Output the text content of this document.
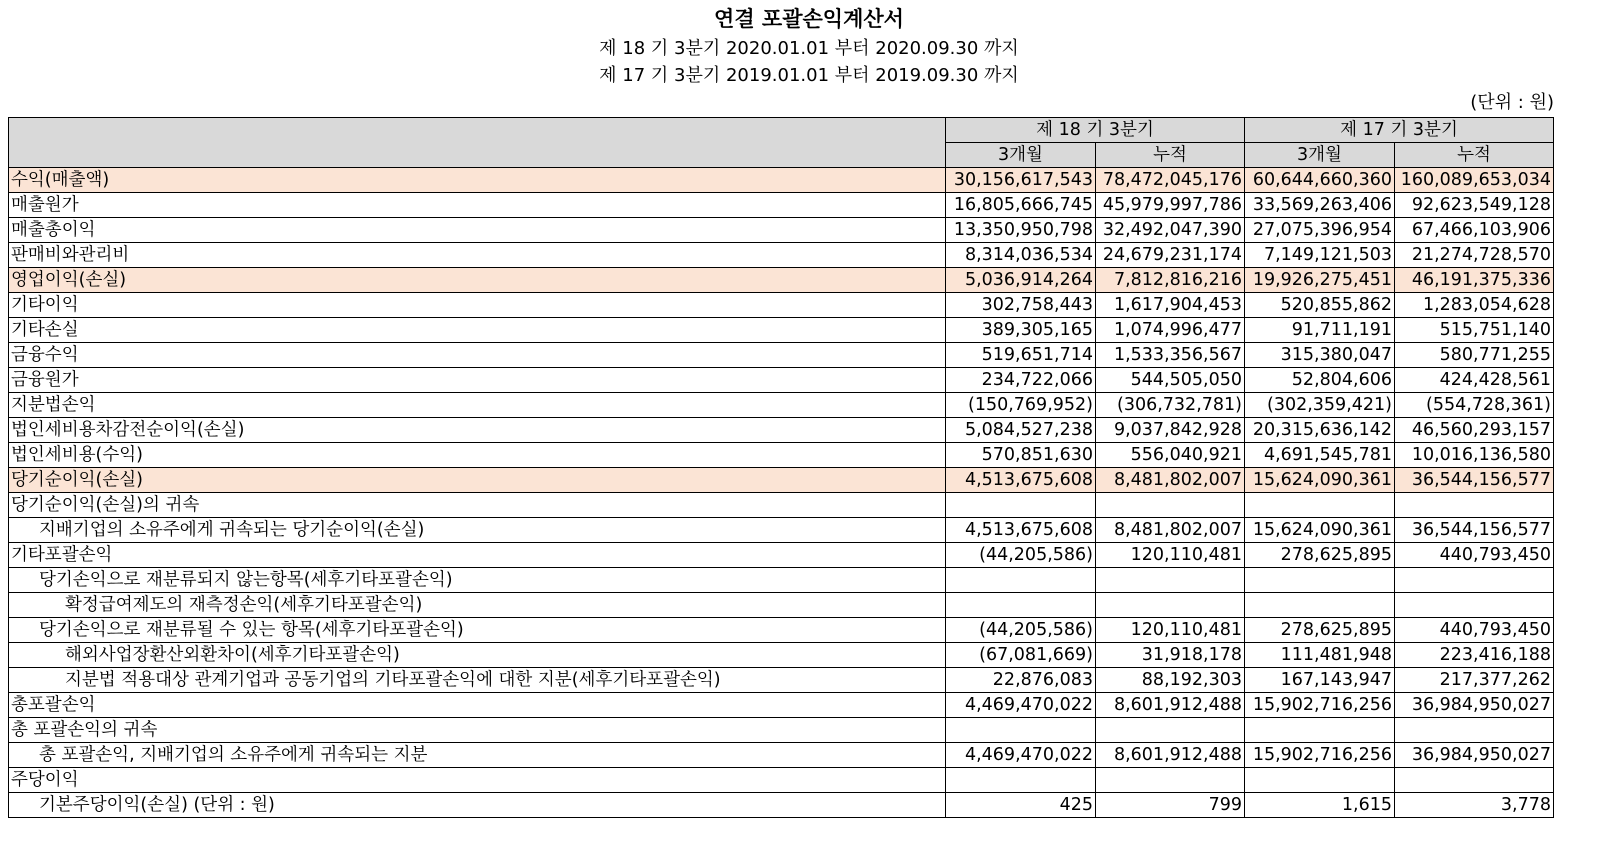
연결 포괄손익계산서
제 18 기 3분기 2020.01.01 부터 2020.09.30 까지
제 17 기 3분기 2019.01.01 부터 2019.09.30 까지
(단위 : 원)
	제 18 기 3분기		제 17 기 3분기	
	3개월	누적	3개월	누적
수익(매출액)	30,156,617,543	78,472,045,176	60,644,660,360	160,089,653,034
매출원가	16,805,666,745	45,979,997,786	33,569,263,406	92,623,549,128
매출총이익	13,350,950,798	32,492,047,390	27,075,396,954	67,466,103,906
판매비와관리비	8,314,036,534	24,679,231,174	7,149,121,503	21,274,728,570
영업이익(손실)	5,036,914,264	7,812,816,216	19,926,275,451	46,191,375,336
기타이익	302,758,443	1,617,904,453	520,855,862	1,283,054,628
기타손실	389,305,165	1,074,996,477	91,711,191	515,751,140
금융수익	519,651,714	1,533,356,567	315,380,047	580,771,255
금융원가	234,722,066	544,505,050	52,804,606	424,428,561
지분법손익	(150,769,952)	(306,732,781)	(302,359,421)	(554,728,361)
법인세비용차감전순이익(손실)	5,084,527,238	9,037,842,928	20,315,636,142	46,560,293,157
법인세비용(수익)	570,851,630	556,040,921	4,691,545,781	10,016,136,580
당기순이익(손실)	4,513,675,608	8,481,802,007	15,624,090,361	36,544,156,577
당기순이익(손실)의 귀속				
지배기업의 소유주에게 귀속되는 당기순이익(손실)	4,513,675,608	8,481,802,007	15,624,090,361	36,544,156,577
기타포괄손익	(44,205,586)	120,110,481	278,625,895	440,793,450
당기손익으로 재분류되지 않는항목(세후기타포괄손익)				
확정급여제도의 재측정손익(세후기타포괄손익)				
당기손익으로 재분류될 수 있는 항목(세후기타포괄손익)	(44,205,586)	120,110,481	278,625,895	440,793,450
해외사업장환산외환차이(세후기타포괄손익)	(67,081,669)	31,918,178	111,481,948	223,416,188
지분법 적용대상 관계기업과 공동기업의 기타포괄손익에 대한 지분(세후기타포괄손익)	22,876,083	88,192,303	167,143,947	217,377,262
총포괄손익	4,469,470,022	8,601,912,488	15,902,716,256	36,984,950,027
총 포괄손익의 귀속				
총 포괄손익, 지배기업의 소유주에게 귀속되는 지분	4,469,470,022	8,601,912,488	15,902,716,256	36,984,950,027
주당이익				
기본주당이익(손실) (단위 : 원)	425	799	1,615	3,778
